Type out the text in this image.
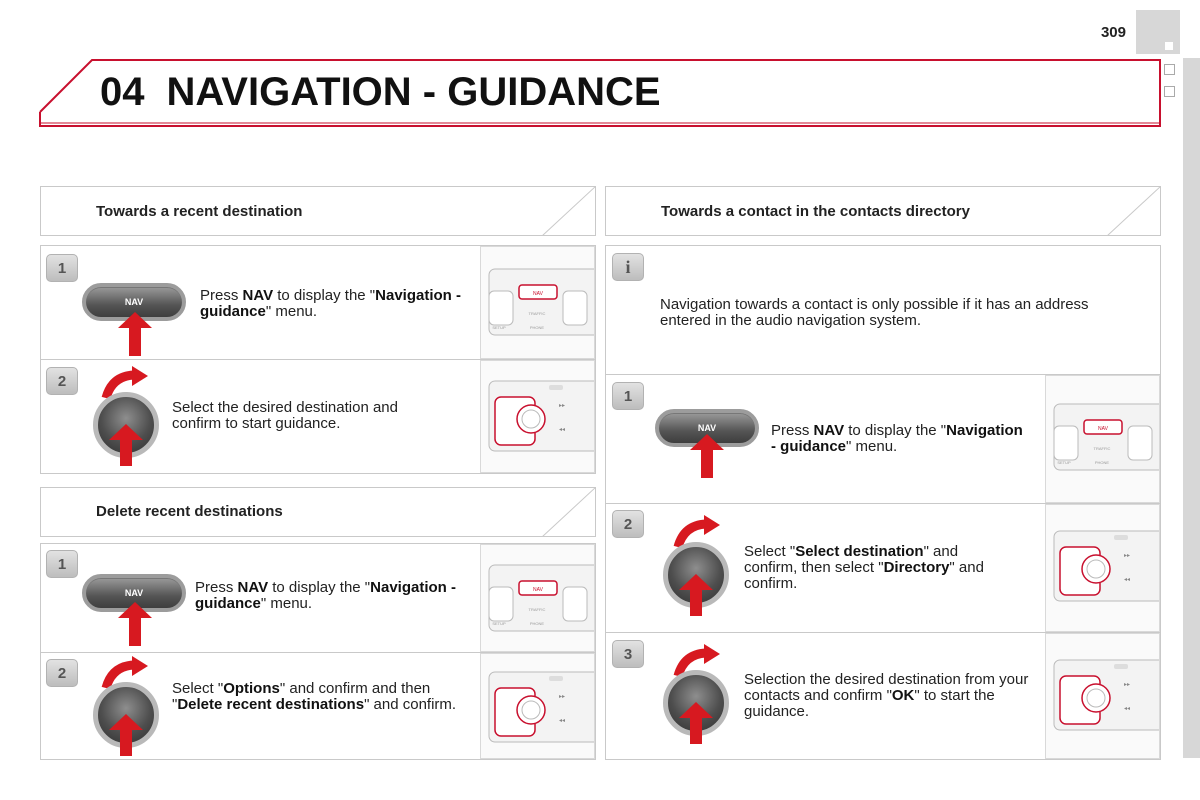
309
04 NAVIGATION - GUIDANCE
Towards a recent destination
1
NAV	Press NAV to display the "Navigation - guidance" menu.
NAV
TRAFFIC
PHONE
SETUP
2
Select the desired destination and confirm to start guidance.
▸▸
◂◂
Delete recent destinations
1
NAV	Press NAV to display the "Navigation - guidance" menu.
NAV
TRAFFIC
PHONE
SETUP
2
Select "Options" and confirm and then "Delete recent destinations" and confirm.	▸▸
◂◂
Towards a contact in the contacts directory
i
Navigation towards a contact is only possible if it has an address entered in the audio navigation system.
1
NAV	Press NAV to display the "Navigation - guidance" menu.
NAV
TRAFFIC
PHONE
SETUP
2
Select "Select destination" and confirm, then select "Directory" and confirm.
▸▸
◂◂
3
Selection the desired destination from your contacts and confirm "OK" to start the guidance.
▸▸
◂◂
